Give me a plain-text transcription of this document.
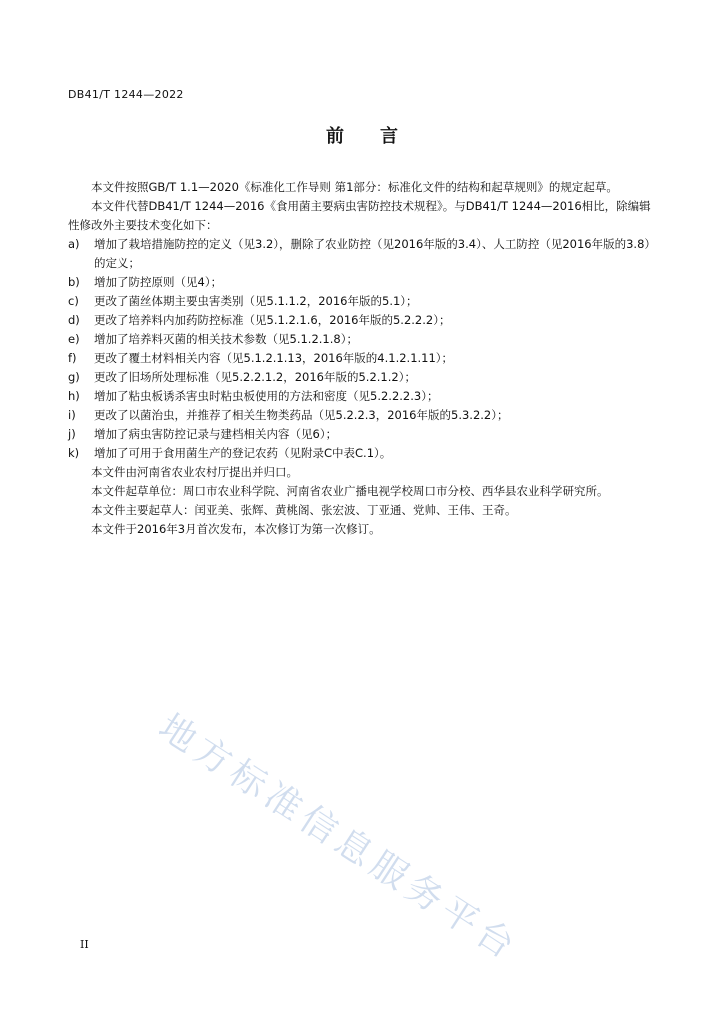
DB41/T 1244—2022
前 言

本文件按照GB/T 1.1—2020《标准化工作导则 第1部分：标准化文件的结构和起草规则》的规定起草。

本文件代替DB41/T 1244—2016《食用菌主要病虫害防控技术规程》。与DB41/T 1244—2016相比，除编辑性修改外主要技术变化如下：

a) 增加了栽培措施防控的定义（见3.2），删除了农业防控（见2016年版的3.4）、人工防控（见2016年版的3.8）的定义；

b) 增加了防控原则（见4）；

c) 更改了菌丝体期主要虫害类别（见5.1.1.2，2016年版的5.1）；

d) 更改了培养料内加药防控标准（见5.1.2.1.6，2016年版的5.2.2.2）；

e) 增加了培养料灭菌的相关技术参数（见5.1.2.1.8）；

f) 更改了覆土材料相关内容（见5.1.2.1.13，2016年版的4.1.2.1.11）；

g) 更改了旧场所处理标准（见5.2.2.1.2，2016年版的5.2.1.2）；

h) 增加了粘虫板诱杀害虫时粘虫板使用的方法和密度（见5.2.2.2.3）；

i) 更改了以菌治虫，并推荐了相关生物类药品（见5.2.2.3，2016年版的5.3.2.2）；

j) 增加了病虫害防控记录与建档相关内容（见6）；

k) 增加了可用于食用菌生产的登记农药（见附录C中表C.1）。

本文件由河南省农业农村厅提出并归口。

本文件起草单位：周口市农业科学院、河南省农业广播电视学校周口市分校、西华县农业科学研究所。

本文件主要起草人：闰亚美、张辉、黄桃阁、张宏波、丁亚通、党帅、王伟、王奇。

本文件于2016年3月首次发布，本次修订为第一次修订。

地方标准信息服务平台
II
